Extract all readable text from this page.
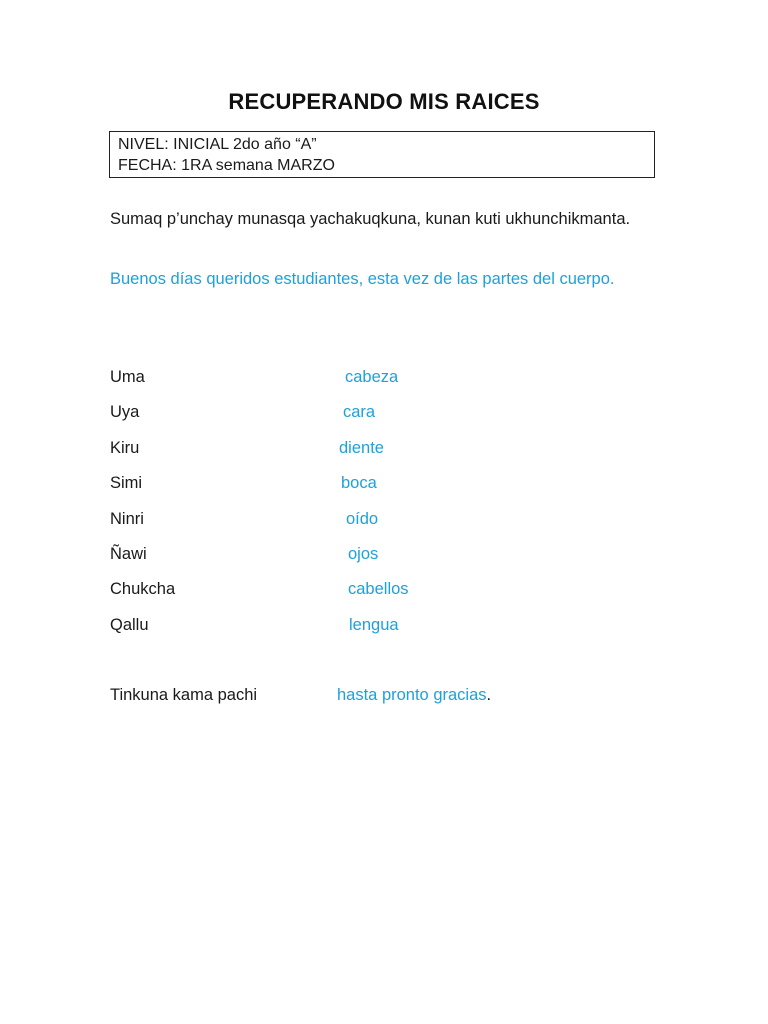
RECUPERANDO MIS RAICES
NIVEL: INICIAL 2do año “A”
FECHA: 1RA semana MARZO
Sumaq p’unchay munasqa yachakuqkuna, kunan kuti ukhunchikmanta.
Buenos días queridos estudiantes, esta vez de las partes del cuerpo.
Uma	cabeza
Uya	cara
Kiru	diente
Simi	boca
Ninri	oído
Ñawi	ojos
Chukcha	cabellos
Qallu	lengua
Tinkuna kama pachi	hasta pronto gracias.
